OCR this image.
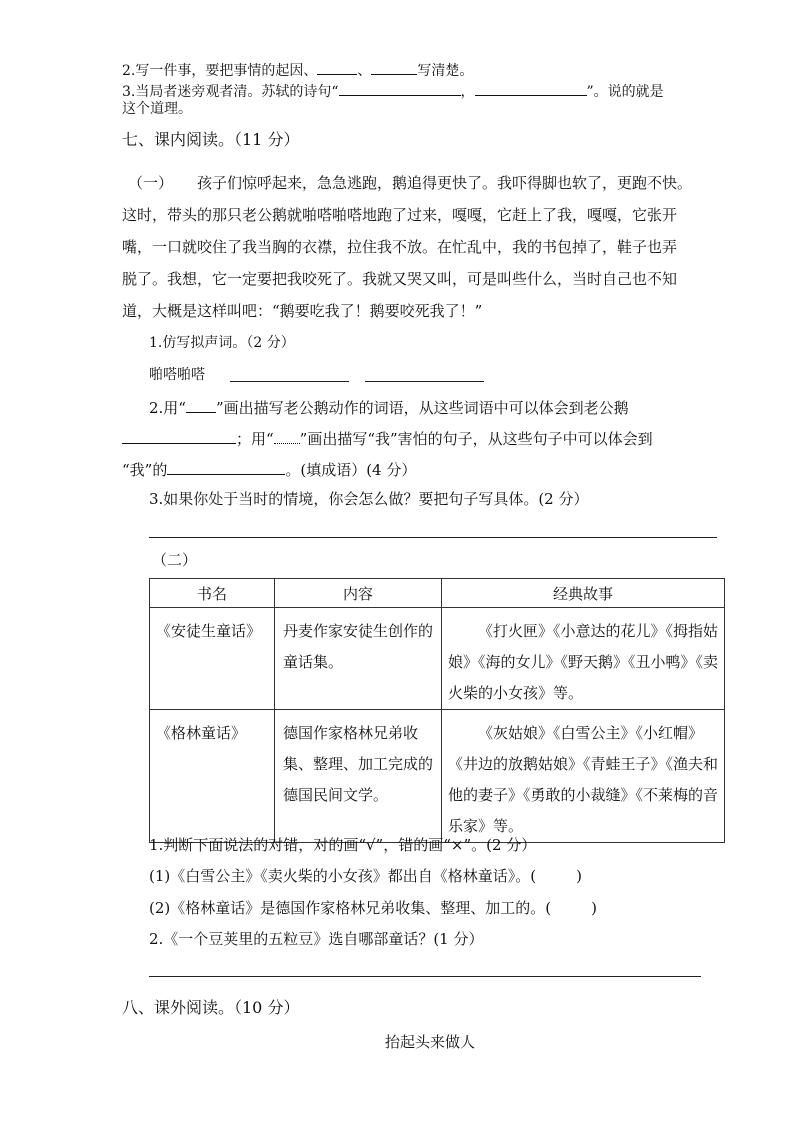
2.写一件事，要把事情的起因、	、	写清楚。
3.当局者迷旁观者清。苏轼的诗句“	，	”。说的就是
这个道理。
七、课内阅读。（11 分）
（一） 孩子们惊呼起来，急急逃跑，鹅追得更快了。我吓得脚也软了，更跑不快。
这时，带头的那只老公鹅就啪嗒啪嗒地跑了过来，嘎嘎，它赶上了我，嘎嘎，它张开
嘴，一口就咬住了我当胸的衣襟，拉住我不放。在忙乱中，我的书包掉了，鞋子也弄
脱了。我想，它一定要把我咬死了。我就又哭又叫，可是叫些什么，当时自己也不知
道，大概是这样叫吧：“鹅要吃我了！鹅要咬死我了！”
1.仿写拟声词。（2 分）
啪嗒啪嗒
2.用“ ”画出描写老公鹅动作的词语，从这些词语中可以体会到老公鹅
；用“ ”画出描写“我”害怕的句子，从这些句子中可以体会到
“我”的	。(填成语）(4 分）
3.如果你处于当时的情境，你会怎么做？要把句子写具体。(2 分）
（二）
书名	内容	经典故事

《安徒生童话》	丹麦作家安徒生创作的童话集。	《打火匣》《小意达的花儿》《拇指姑娘》《海的女儿》《野天鹅》《丑小鸭》《卖火柴的小女孩》等。

《格林童话》	德国作家格林兄弟收集、整理、加工完成的德国民间文学。	《灰姑娘》《白雪公主》《小红帽》《井边的放鹅姑娘》《青蛙王子》《渔夫和他的妻子》《勇敢的小裁缝》《不莱梅的音乐家》等。
1.判断下面说法的对错，对的画“√”，错的画“×”。(2 分）
(1)《白雪公主》《卖火柴的小女孩》都出自《格林童话》。(	)
(2)《格林童话》是德国作家格林兄弟收集、整理、加工的。(	)
2.《一个豆荚里的五粒豆》选自哪部童话？(1 分）
八、课外阅读。（10 分）
抬起头来做人
